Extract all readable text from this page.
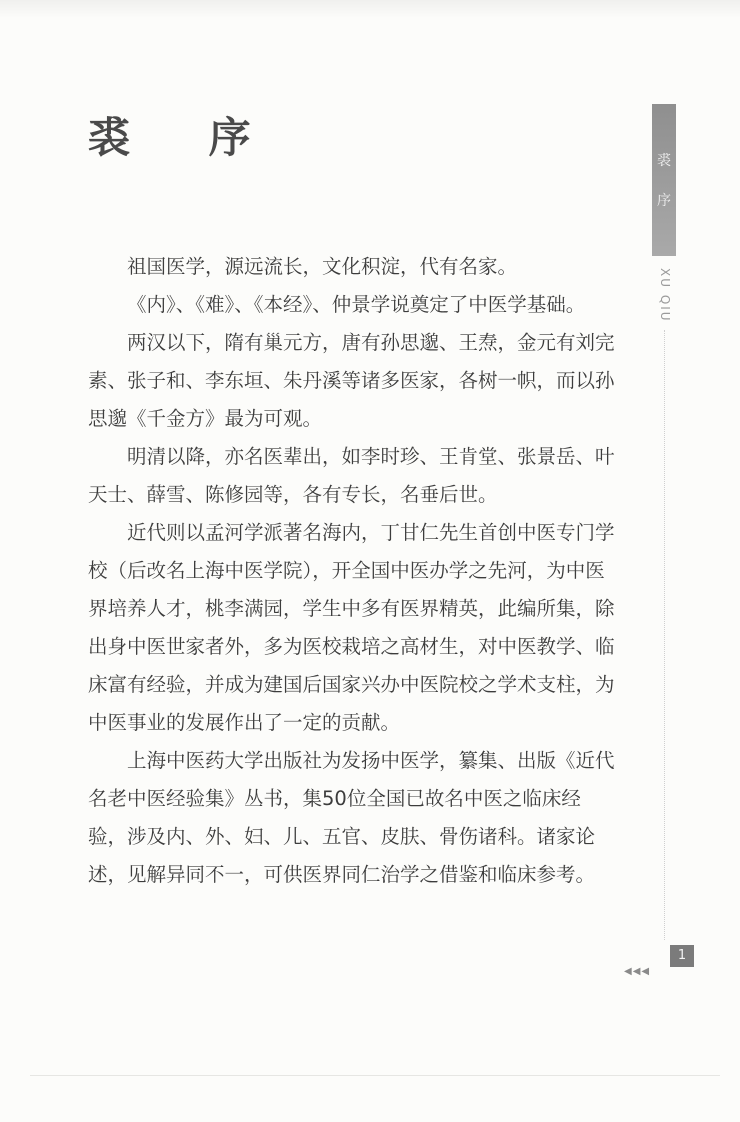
裘 序

祖国医学，源远流长，文化积淀，代有名家。

《内》、《难》、《本经》、仲景学说奠定了中医学基础。

两汉以下，隋有巢元方，唐有孙思邈、王焘，金元有刘完素、张子和、李东垣、朱丹溪等诸多医家，各树一帜，而以孙思邈《千金方》最为可观。

明清以降，亦名医辈出，如李时珍、王肯堂、张景岳、叶天士、薛雪、陈修园等，各有专长，名垂后世。

近代则以孟河学派著名海内，丁甘仁先生首创中医专门学校（后改名上海中医学院），开全国中医办学之先河，为中医界培养人才，桃李满园，学生中多有医界精英，此编所集，除出身中医世家者外，多为医校栽培之高材生，对中医教学、临床富有经验，并成为建国后国家兴办中医院校之学术支柱，为中医事业的发展作出了一定的贡献。

上海中医药大学出版社为发扬中医学，纂集、出版《近代名老中医经验集》丛书，集50位全国已故名中医之临床经验，涉及内、外、妇、儿、五官、皮肤、骨伤诸科。诸家论述，见解异同不一，可供医界同仁治学之借鉴和临床参考。

裘
序
XU QIU
1
◀◀◀
